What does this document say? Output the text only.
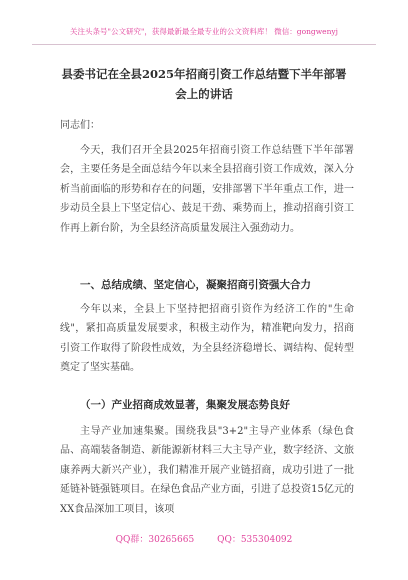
关注头条号"公文研究"，获得最新最全最专业的公文资料库！ 微信：gongwenyj
县委书记在全县2025年招商引资工作总结暨下半年部署会上的讲话
同志们：

今天，我们召开全县2025年招商引资工作总结暨下半年部署会，主要任务是全面总结今年以来全县招商引资工作成效，深入分析当前面临的形势和存在的问题，安排部署下半年重点工作，进一步动员全县上下坚定信心、鼓足干劲、乘势而上，推动招商引资工作再上新台阶，为全县经济高质量发展注入强劲动力。

一、总结成绩、坚定信心，凝聚招商引资强大合力

今年以来，全县上下坚持把招商引资作为经济工作的"生命线"，紧扣高质量发展要求，积极主动作为，精准靶向发力，招商引资工作取得了阶段性成效，为全县经济稳增长、调结构、促转型奠定了坚实基础。

（一）产业招商成效显著，集聚发展态势良好

主导产业加速集聚。围绕我县"3+2"主导产业体系（绿色食品、高端装备制造、新能源新材料三大主导产业，数字经济、文旅康养两大新兴产业），我们精准开展产业链招商，成功引进了一批延链补链强链项目。在绿色食品产业方面，引进了总投资15亿元的XX食品深加工项目，该项

QQ群：30265665	QQ：535304092
